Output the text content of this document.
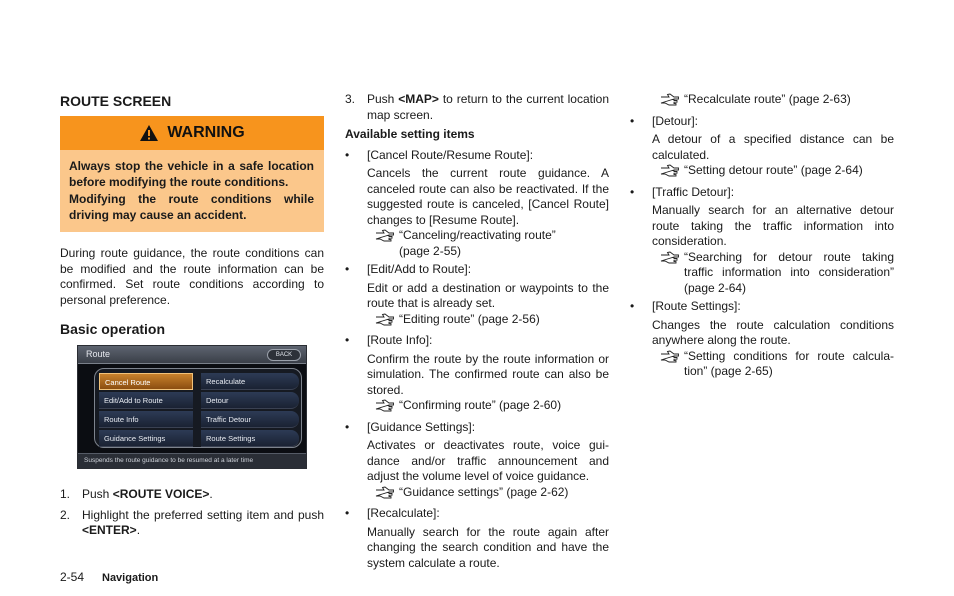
ROUTE SCREEN
WARNING

Always stop the vehicle in a safe location before modifying the route conditions.

Modifying the route conditions while driving may cause an accident.

During route guidance, the route conditions can be modified and the route information can be confirmed. Set route conditions according to personal preference.

Basic operation
Route	BACK
Cancel Route
Edit/Add to Route
Route Info
Guidance Settings
Recalculate
Detour
Traffic Detour
Route Settings
Suspends the route guidance to be resumed at a later time
1. Push <ROUTE VOICE>.
2. Highlight the preferred setting item and push <ENTER>.
3. Push <MAP> to return to the current location map screen.
Available setting items
•	[Cancel Route/Resume Route]:

Cancels the current route guidance. A canceled route can also be reactivated. If the suggested route is canceled, [Cancel Route] changes to [Resume Route].

“Canceling/reactivating route”
(page 2-55)
•	[Edit/Add to Route]:

Edit or add a destination or waypoints to the route that is already set.

“Editing route” (page 2-56)
•	[Route Info]:

Confirm the route by the route information or simulation. The confirmed route can also be stored.

“Confirming route” (page 2-60)
•	[Guidance Settings]:

Activates or deactivates route, voice gui-dance and/or traffic announcement and adjust the volume level of voice guidance.

“Guidance settings” (page 2-62)
•	[Recalculate]:

Manually search for the route again after changing the search condition and have the system calculate a route.

“Recalculate route” (page 2-63)
•	[Detour]:

A detour of a specified distance can be calculated.

“Setting detour route” (page 2-64)
•	[Traffic Detour]:

Manually search for an alternative detour route taking the traffic information into consideration.

“Searching for detour route taking traffic information into consideration” (page 2-64)
•	[Route Settings]:

Changes the route calculation conditions anywhere along the route.

“Setting conditions for route calcula-tion” (page 2-65)
2-54 Navigation
